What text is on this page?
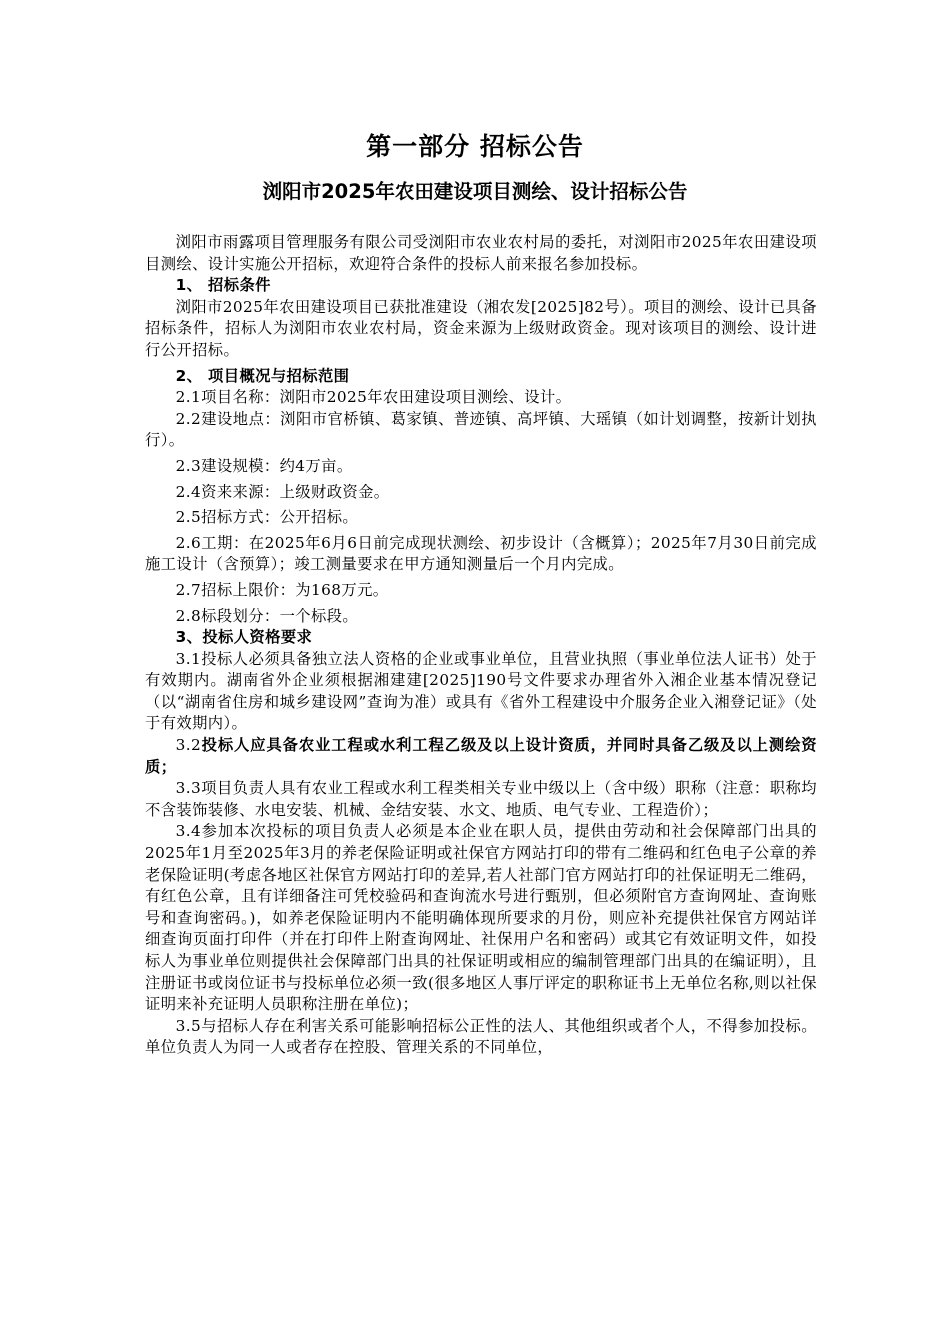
第一部分 招标公告
浏阳市2025年农田建设项目测绘、设计招标公告

浏阳市雨露项目管理服务有限公司受浏阳市农业农村局的委托，对浏阳市2025年农田建设项目测绘、设计实施公开招标，欢迎符合条件的投标人前来报名参加投标。

1、 招标条件

浏阳市2025年农田建设项目已获批准建设（湘农发[2025]82号）。项目的测绘、设计已具备招标条件，招标人为浏阳市农业农村局，资金来源为上级财政资金。现对该项目的测绘、设计进行公开招标。

2、 项目概况与招标范围

2.1项目名称：浏阳市2025年农田建设项目测绘、设计。

2.2建设地点：浏阳市官桥镇、葛家镇、普迹镇、高坪镇、大瑶镇（如计划调整，按新计划执行）。

2.3建设规模：约4万亩。

2.4资来来源：上级财政资金。

2.5招标方式：公开招标。

2.6工期：在2025年6月6日前完成现状测绘、初步设计（含概算）；2025年7月30日前完成施工设计（含预算）；竣工测量要求在甲方通知测量后一个月内完成。

2.7招标上限价：为168万元。

2.8标段划分：一个标段。

3、投标人资格要求

3.1投标人必须具备独立法人资格的企业或事业单位，且营业执照（事业单位法人证书）处于有效期内。湖南省外企业须根据湘建建[2025]190号文件要求办理省外入湘企业基本情况登记（以“湖南省住房和城乡建设网”查询为准）或具有《省外工程建设中介服务企业入湘登记证》（处于有效期内）。

3.2投标人应具备农业工程或水利工程乙级及以上设计资质，并同时具备乙级及以上测绘资质；

3.3项目负责人具有农业工程或水利工程类相关专业中级以上（含中级）职称（注意：职称均不含装饰装修、水电安装、机械、金结安装、水文、地质、电气专业、工程造价）；

3.4参加本次投标的项目负责人必须是本企业在职人员，提供由劳动和社会保障部门出具的2025年1月至2025年3月的养老保险证明或社保官方网站打印的带有二维码和红色电子公章的养老保险证明(考虑各地区社保官方网站打印的差异,若人社部门官方网站打印的社保证明无二维码，有红色公章，且有详细备注可凭校验码和查询流水号进行甄别，但必须附官方查询网址、查询账号和查询密码。)，如养老保险证明内不能明确体现所要求的月份，则应补充提供社保官方网站详细查询页面打印件（并在打印件上附查询网址、社保用户名和密码）或其它有效证明文件，如投标人为事业单位则提供社会保障部门出具的社保证明或相应的编制管理部门出具的在编证明），且注册证书或岗位证书与投标单位必须一致(很多地区人事厅评定的职称证书上无单位名称,则以社保证明来补充证明人员职称注册在单位)；

3.5与招标人存在利害关系可能影响招标公正性的法人、其他组织或者个人，不得参加投标。单位负责人为同一人或者存在控股、管理关系的不同单位，
